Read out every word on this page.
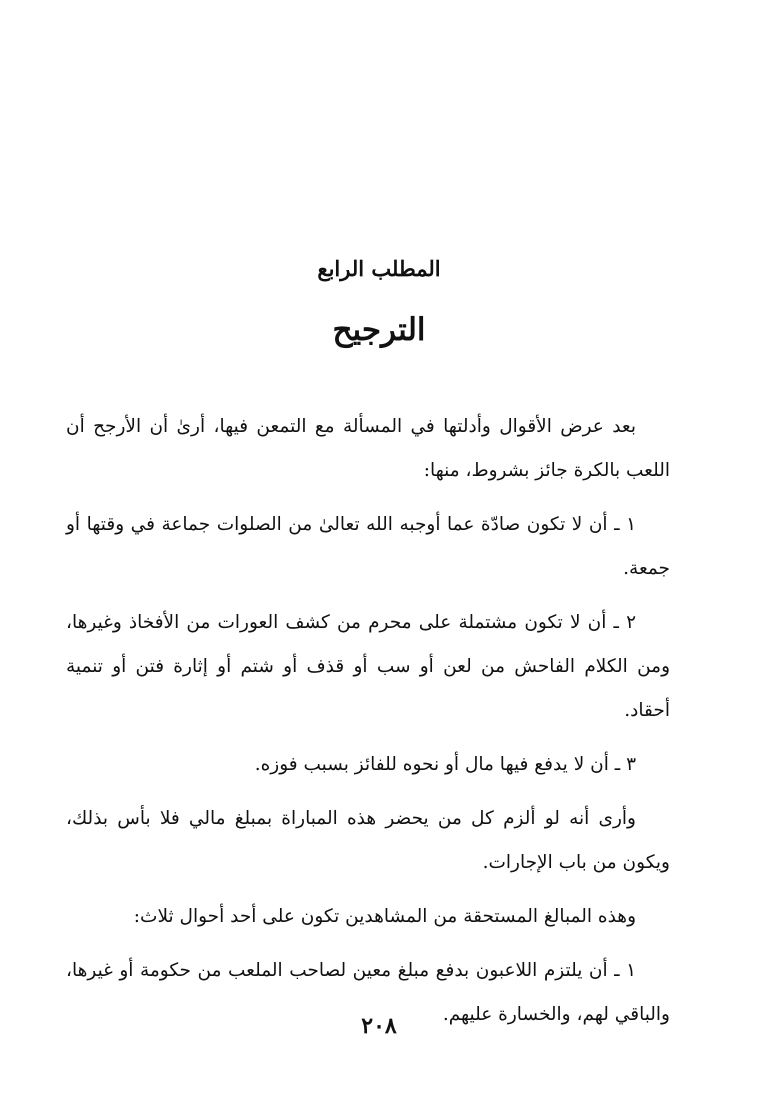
المطلب الرابع
الترجيح

بعد عرض الأقوال وأدلتها في المسألة مع التمعن فيها، أرىٰ أن الأرجح أن اللعب بالكرة جائز بشروط، منها:

١ ـ أن لا تكون صادّة عما أوجبه الله تعالىٰ من الصلوات جماعة في وقتها أو جمعة.

٢ ـ أن لا تكون مشتملة على محرم من كشف العورات من الأفخاذ وغيرها، ومن الكلام الفاحش من لعن أو سب أو قذف أو شتم أو إثارة فتن أو تنمية أحقاد.

٣ ـ أن لا يدفع فيها مال أو نحوه للفائز بسبب فوزه.

وأرى أنه لو ألزم كل من يحضر هذه المباراة بمبلغ مالي فلا بأس بذلك، ويكون من باب الإجارات.

وهذه المبالغ المستحقة من المشاهدين تكون على أحد أحوال ثلاث:

١ ـ أن يلتزم اللاعبون بدفع مبلغ معين لصاحب الملعب من حكومة أو غيرها، والباقي لهم، والخسارة عليهم.

٢٠٨
